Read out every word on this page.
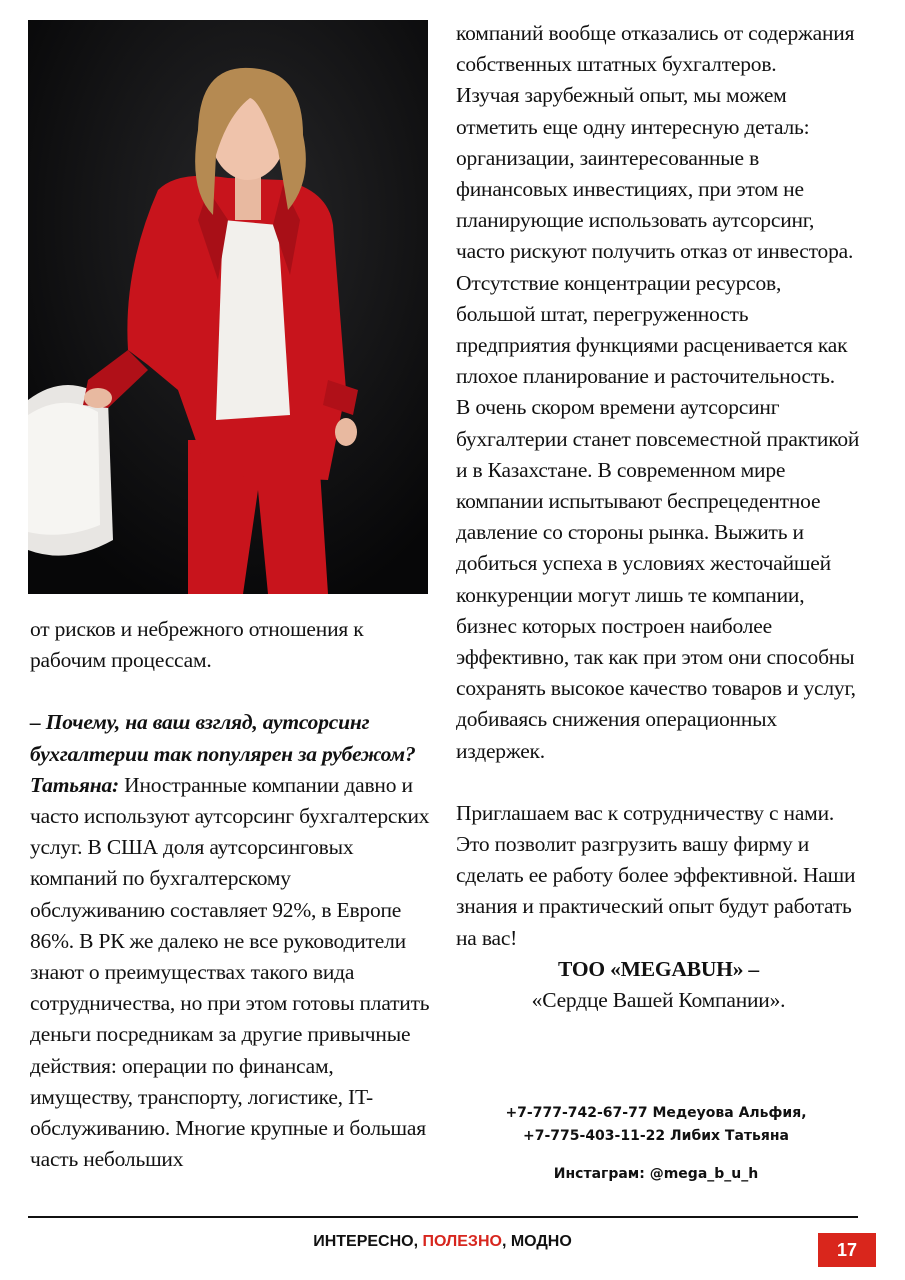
от рисков и небрежного отношения к рабочим процессам.

– Почему, на ваш взгляд, аутсорсинг бухгалтерии так популярен за рубежом?

Татьяна: Иностранные компании давно и часто используют аутсорсинг бухгалтерских услуг. В США доля аутсорсинговых компаний по бухгалтерскому обслуживанию составляет 92%, в Европе 86%. В РК же далеко не все руководители знают о преимуществах такого вида сотрудничества, но при этом готовы платить деньги посредникам за другие привычные действия: операции по финансам, имуществу, транспорту, логистике, IT-обслуживанию. Многие крупные и большая часть небольших

компаний вообще отказались от содержания собственных штатных бухгалтеров.

Изучая зарубежный опыт, мы можем отметить еще одну интересную деталь: организации, заинтересованные в финансовых инвестициях, при этом не планирующие использовать аутсорсинг, часто рискуют получить отказ от инвестора. Отсутствие концентрации ресурсов, большой штат, перегруженность предприятия функциями расценивается как плохое планирование и расточительность.

В очень скором времени аутсорсинг бухгалтерии станет повсеместной практикой и в Казахстане. В современном мире компании испытывают беспрецедентное давление со стороны рынка. Выжить и добиться успеха в условиях жесточайшей конкуренции могут лишь те компании, бизнес которых построен наиболее эффективно, так как при этом они способны сохранять высокое качество товаров и услуг, добиваясь снижения операционных издержек.

Приглашаем вас к сотрудничеству с нами. Это позволит разгрузить вашу фирму и сделать ее работу более эффективной. Наши знания и практический опыт будут работать на вас!

ТОО «MEGABUH» –

«Сердце Вашей Компании».

+7-777-742-67-77 Медеуова Альфия,
+7-775-403-11-22 Либих Татьяна
Инстаграм: @mega_b_u_h
ИНТЕРЕСНО, ПОЛЕЗНО, МОДНО	17
